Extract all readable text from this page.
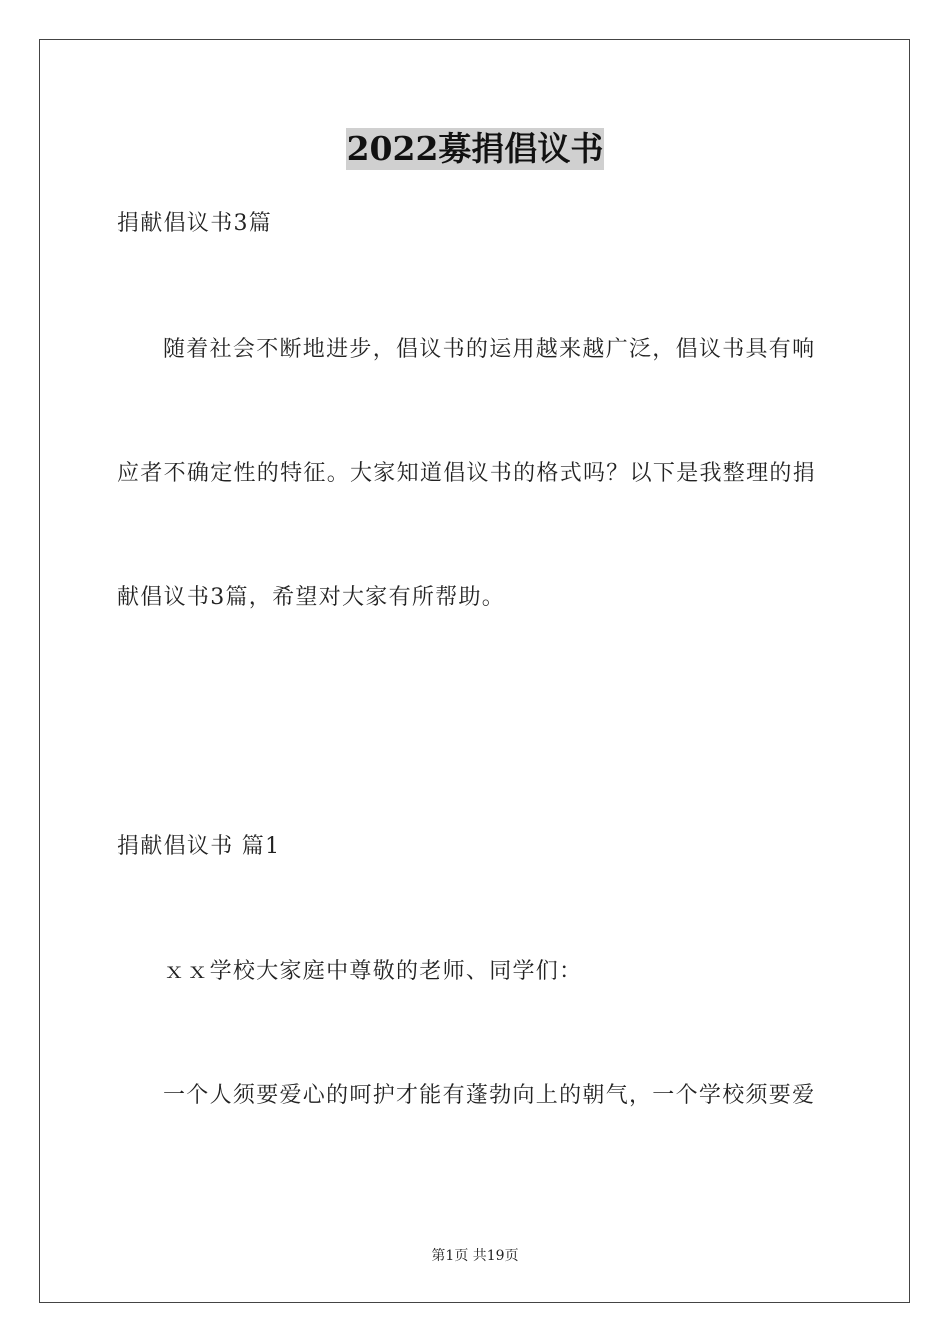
2022募捐倡议书
捐献倡议书3篇
随着社会不断地进步，倡议书的运用越来越广泛，倡议书具有响
应者不确定性的特征。大家知道倡议书的格式吗？以下是我整理的捐
献倡议书3篇，希望对大家有所帮助。
捐献倡议书 篇1
ｘｘ学校大家庭中尊敬的老师、同学们：
一个人须要爱心的呵护才能有蓬勃向上的朝气，一个学校须要爱
第1页 共19页
